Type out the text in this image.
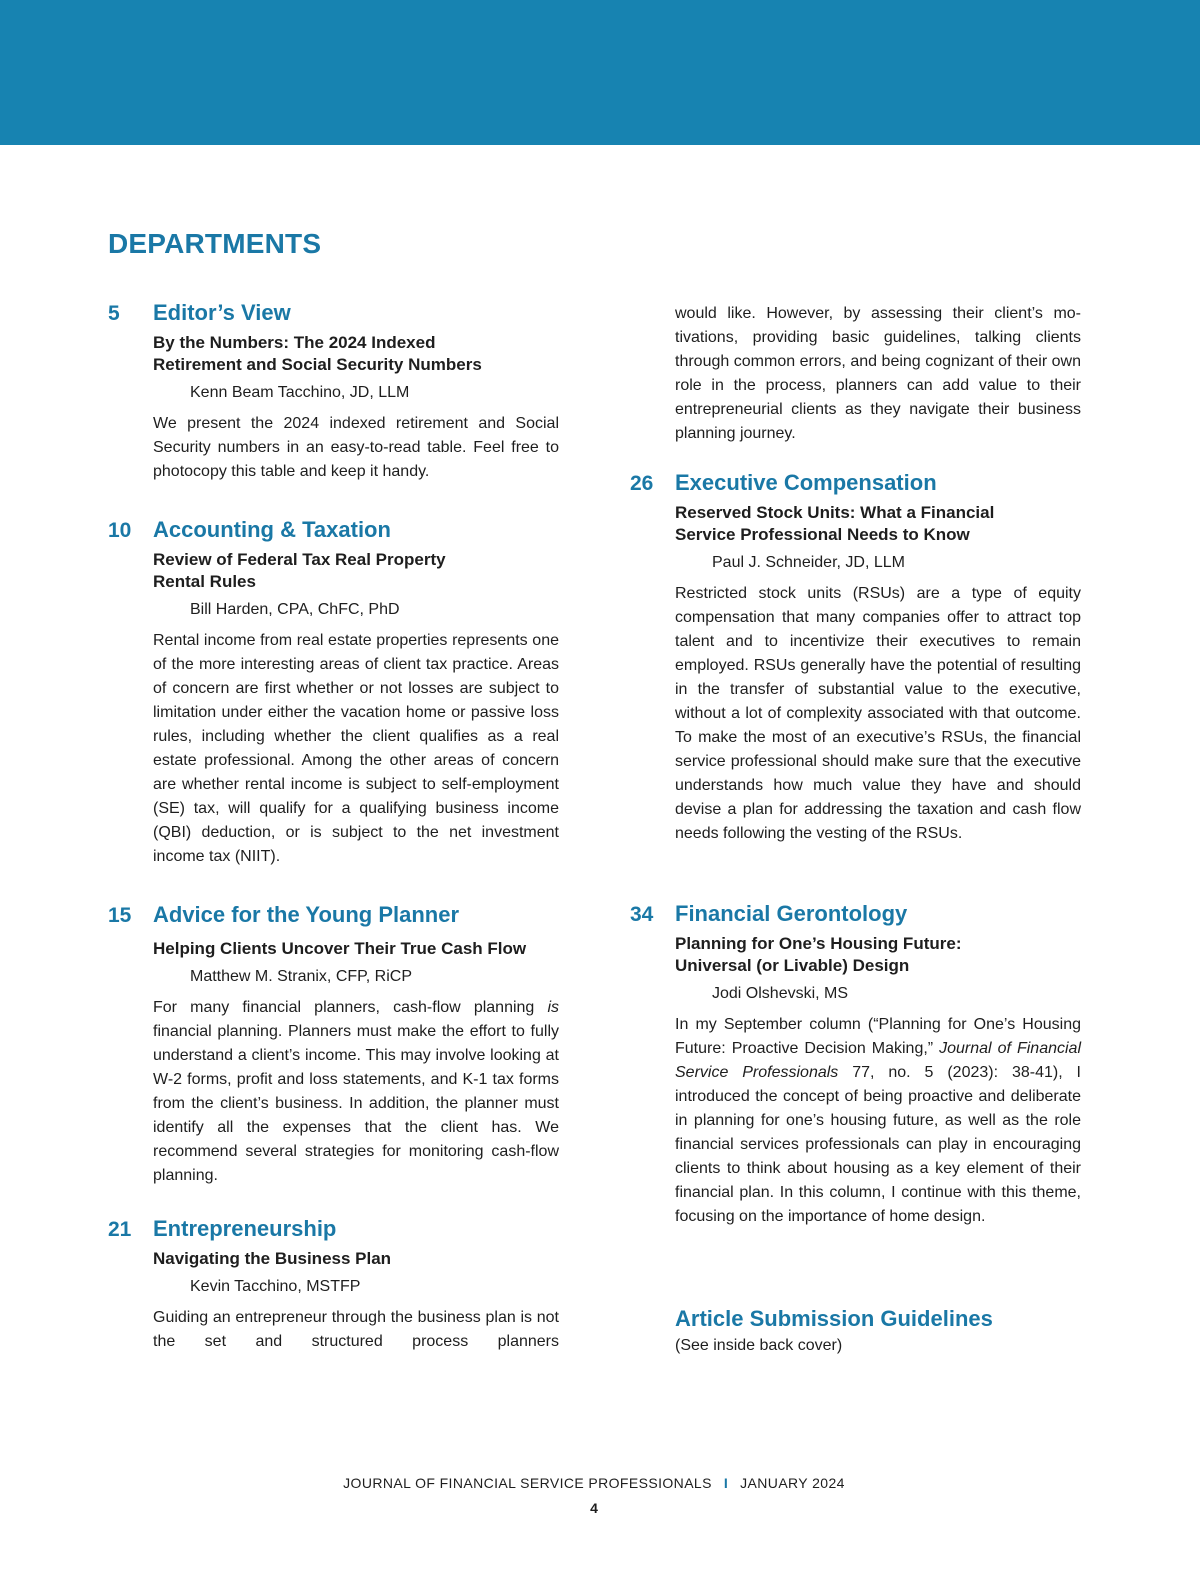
DEPARTMENTS
5	Editor’s View

By the Numbers: The 2024 Indexed
Retirement and Social Security Numbers

Kenn Beam Tacchino, JD, LLM

We present the 2024 indexed retirement and Social Security numbers in an easy-to-read table. Feel free to photocopy this table and keep it handy.

10 Accounting & Taxation

Review of Federal Tax Real Property
Rental Rules

Bill Harden, CPA, ChFC, PhD

Rental income from real estate properties represents one of the more interesting areas of client tax practice. Areas of concern are first whether or not losses are subject to limitation under either the vacation home or passive loss rules, including whether the client qualifies as a real estate professional. Among the other areas of concern are whether rental income is subject to self-employment (SE) tax, will qualify for a qualifying business income (QBI) deduction, or is subject to the net investment income tax (NIIT).

15 Advice for the Young Planner

Helping Clients Uncover Their True Cash Flow

Matthew M. Stranix, CFP, RiCP

For many financial planners, cash-flow planning is financial planning. Planners must make the effort to fully understand a client’s income. This may involve looking at W-2 forms, profit and loss statements, and K-1 tax forms from the client’s business. In addition, the planner must identify all the expenses that the client has. We recommend several strategies for monitoring cash-flow planning.

21 Entrepreneurship

Navigating the Business Plan

Kevin Tacchino, MSTFP

Guiding an entrepreneur through the business plan is not the set and structured process planners

would like. However, by assessing their client’s motivations, providing basic guidelines, talking clients through common errors, and being cognizant of their own role in the process, planners can add value to their entrepreneurial clients as they navigate their business planning journey.

26 Executive Compensation

Reserved Stock Units: What a Financial
Service Professional Needs to Know

Paul J. Schneider, JD, LLM

Restricted stock units (RSUs) are a type of equity compensation that many companies offer to attract top talent and to incentivize their executives to remain employed. RSUs generally have the potential of resulting in the transfer of substantial value to the executive, without a lot of complexity associated with that outcome. To make the most of an executive’s RSUs, the financial service professional should make sure that the executive understands how much value they have and should devise a plan for addressing the taxation and cash flow needs following the vesting of the RSUs.

34 Financial Gerontology

Planning for One’s Housing Future:
Universal (or Livable) Design

Jodi Olshevski, MS

In my September column (“Planning for One’s Housing Future: Proactive Decision Making,” Journal of Financial Service Professionals 77, no. 5 (2023): 38-41), I introduced the concept of being proactive and deliberate in planning for one’s housing future, as well as the role financial services professionals can play in encouraging clients to think about housing as a key element of their financial plan. In this column, I continue with this theme, focusing on the importance of home design.

Article Submission Guidelines
(See inside back cover)
JOURNAL OF FINANCIAL SERVICE PROFESSIONALS I JANUARY 2024
4
